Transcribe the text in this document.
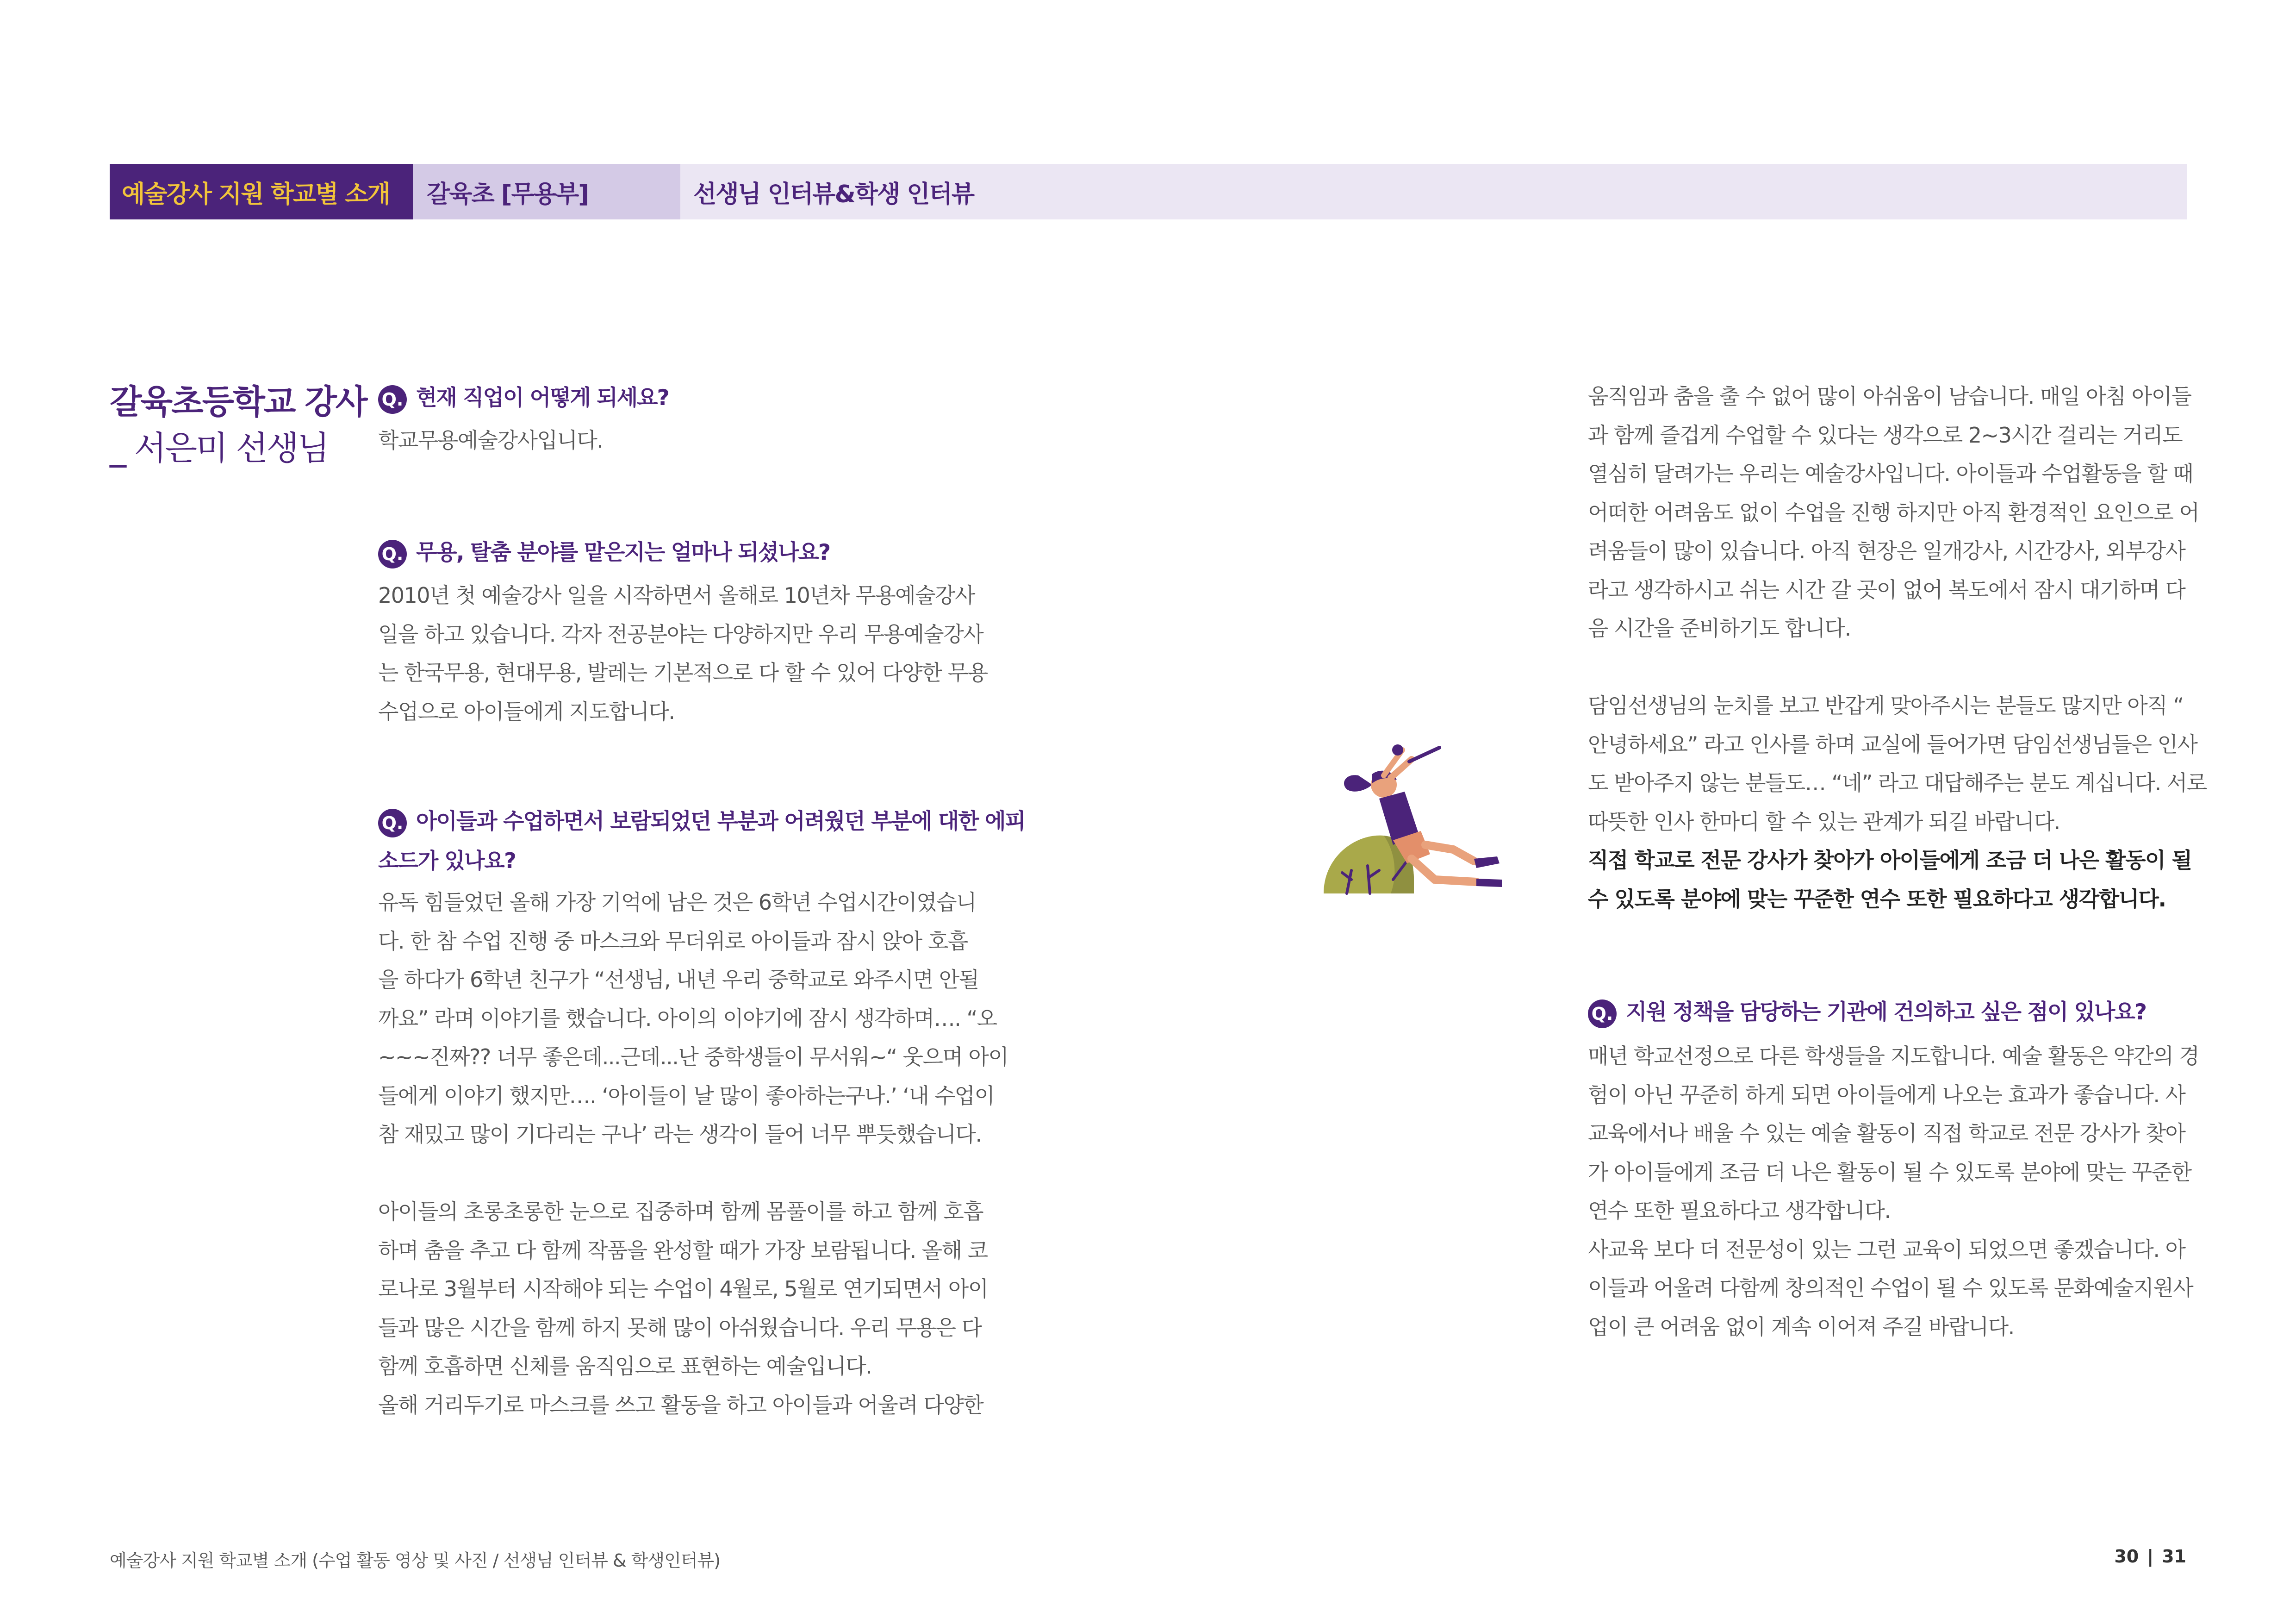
예술강사 지원 학교별 소개	갈육초 [무용부]	선생님 인터뷰&학생 인터뷰
갈육초등학교 강사
_ 서은미 선생님
Q. 현재 직업이 어떻게 되세요?
학교무용예술강사입니다.
Q. 무용, 탈춤 분야를 맡은지는 얼마나 되셨나요?
2010년 첫 예술강사 일을 시작하면서 올해로 10년차 무용예술강사
일을 하고 있습니다. 각자 전공분야는 다양하지만 우리 무용예술강사
는 한국무용, 현대무용, 발레는 기본적으로 다 할 수 있어 다양한 무용
수업으로 아이들에게 지도합니다.
Q. 아이들과 수업하면서 보람되었던 부분과 어려웠던 부분에 대한 에피
소드가 있나요?
유독 힘들었던 올해 가장 기억에 남은 것은 6학년 수업시간이였습니
다. 한 참 수업 진행 중 마스크와 무더위로 아이들과 잠시 앉아 호흡
을 하다가 6학년 친구가 “선생님, 내년 우리 중학교로 와주시면 안될
까요” 라며 이야기를 했습니다. 아이의 이야기에 잠시 생각하며…. “오
~~~진짜?? 너무 좋은데...근데...난 중학생들이 무서워~“ 웃으며 아이
들에게 이야기 했지만…. ‘아이들이 날 많이 좋아하는구나.’ ‘내 수업이
참 재밌고 많이 기다리는 구나’ 라는 생각이 들어 너무 뿌듯했습니다.
아이들의 초롱초롱한 눈으로 집중하며 함께 몸풀이를 하고 함께 호흡
하며 춤을 추고 다 함께 작품을 완성할 때가 가장 보람됩니다. 올해 코
로나로 3월부터 시작해야 되는 수업이 4월로, 5월로 연기되면서 아이
들과 많은 시간을 함께 하지 못해 많이 아쉬웠습니다. 우리 무용은 다
함께 호흡하면 신체를 움직임으로 표현하는 예술입니다.
올해 거리두기로 마스크를 쓰고 활동을 하고 아이들과 어울려 다양한
움직임과 춤을 출 수 없어 많이 아쉬움이 남습니다. 매일 아침 아이들
과 함께 즐겁게 수업할 수 있다는 생각으로 2~3시간 걸리는 거리도
열심히 달려가는 우리는 예술강사입니다. 아이들과 수업활동을 할 때
어떠한 어려움도 없이 수업을 진행 하지만 아직 환경적인 요인으로 어
려움들이 많이 있습니다. 아직 현장은 일개강사, 시간강사, 외부강사
라고 생각하시고 쉬는 시간 갈 곳이 없어 복도에서 잠시 대기하며 다
음 시간을 준비하기도 합니다.
담임선생님의 눈치를 보고 반갑게 맞아주시는 분들도 많지만 아직 “
안녕하세요” 라고 인사를 하며 교실에 들어가면 담임선생님들은 인사
도 받아주지 않는 분들도… “네” 라고 대답해주는 분도 계십니다. 서로
따뜻한 인사 한마디 할 수 있는 관계가 되길 바랍니다.
직접 학교로 전문 강사가 찾아가 아이들에게 조금 더 나은 활동이 될
수 있도록 분야에 맞는 꾸준한 연수 또한 필요하다고 생각합니다.
Q. 지원 정책을 담당하는 기관에 건의하고 싶은 점이 있나요?
매년 학교선정으로 다른 학생들을 지도합니다. 예술 활동은 약간의 경
험이 아닌 꾸준히 하게 되면 아이들에게 나오는 효과가 좋습니다. 사
교육에서나 배울 수 있는 예술 활동이 직접 학교로 전문 강사가 찾아
가 아이들에게 조금 더 나은 활동이 될 수 있도록 분야에 맞는 꾸준한
연수 또한 필요하다고 생각합니다.
사교육 보다 더 전문성이 있는 그런 교육이 되었으면 좋겠습니다. 아
이들과 어울려 다함께 창의적인 수업이 될 수 있도록 문화예술지원사
업이 큰 어려움 없이 계속 이어져 주길 바랍니다.
예술강사 지원 학교별 소개 (수업 활동 영상 및 사진 / 선생님 인터뷰 & 학생인터뷰)	30 | 31
